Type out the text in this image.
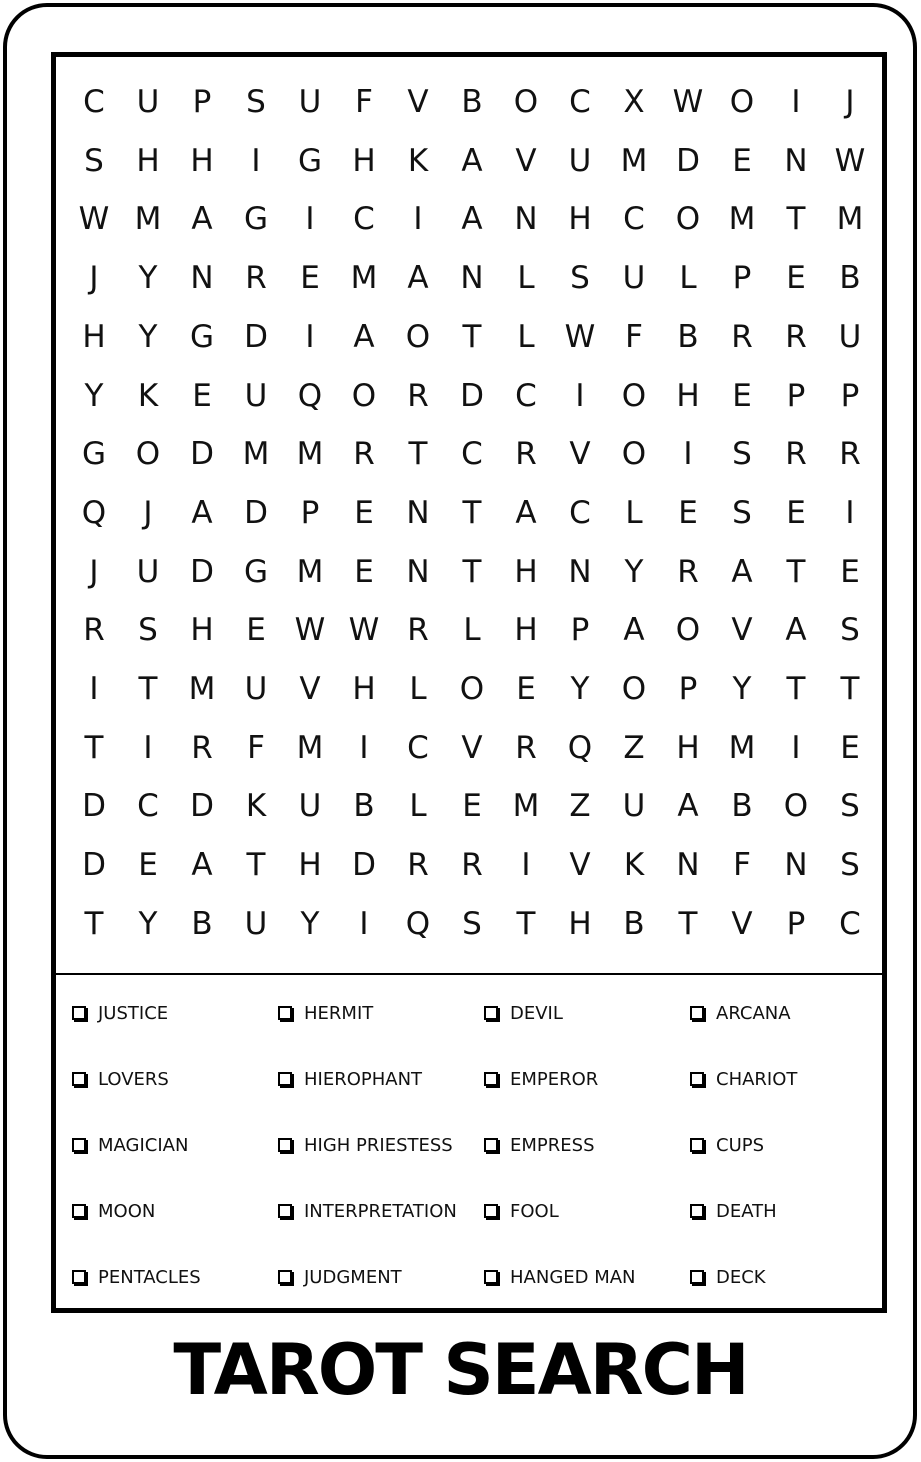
C	U	P	S	U	F	V	B	O C	X W O	I	J
S	H H	I	G H	K	A	V	U M D	E	N W
W M A	G	I	C	I	A	N H	C O M	T	M
J	Y	N	R	E M A	N	L	S	U	L	P	E	B
H	Y	G D	I	A	O	T	L W F	B	R	R	U
Y	K	E	U Q O	R	D	C	I	O H	E	P	P
G O D M M R	T	C	R	V	O	I	S	R	R
Q	J	A	D	P	E	N	T	A	C	L	E	S	E	I
J	U D G M E	N	T	H N	Y	R	A	T	E
R	S	H	E W W R	L	H	P	A	O	V	A	S
I	T	M U	V	H	L	O	E	Y	O	P	Y	T	T
T	I	R	F	M	I	C	V	R	Q	Z	H M	I	E
D	C	D	K	U	B	L	E M Z	U	A	B	O	S
D	E	A	T	H D	R	R	I	V	K	N	F	N	S
T	Y	B	U	Y	I	Q	S	T	H	B	T	V	P	C
JUSTICE	HERMIT	DEVIL	ARCANA
LOVERS	HIEROPHANT	EMPEROR	CHARIOT
MAGICIAN	HIGH PRIESTESS	EMPRESS	CUPS
MOON	INTERPRETATION	FOOL	DEATH
PENTACLES	JUDGMENT	HANGED MAN	DECK
TAROT SEARCH
